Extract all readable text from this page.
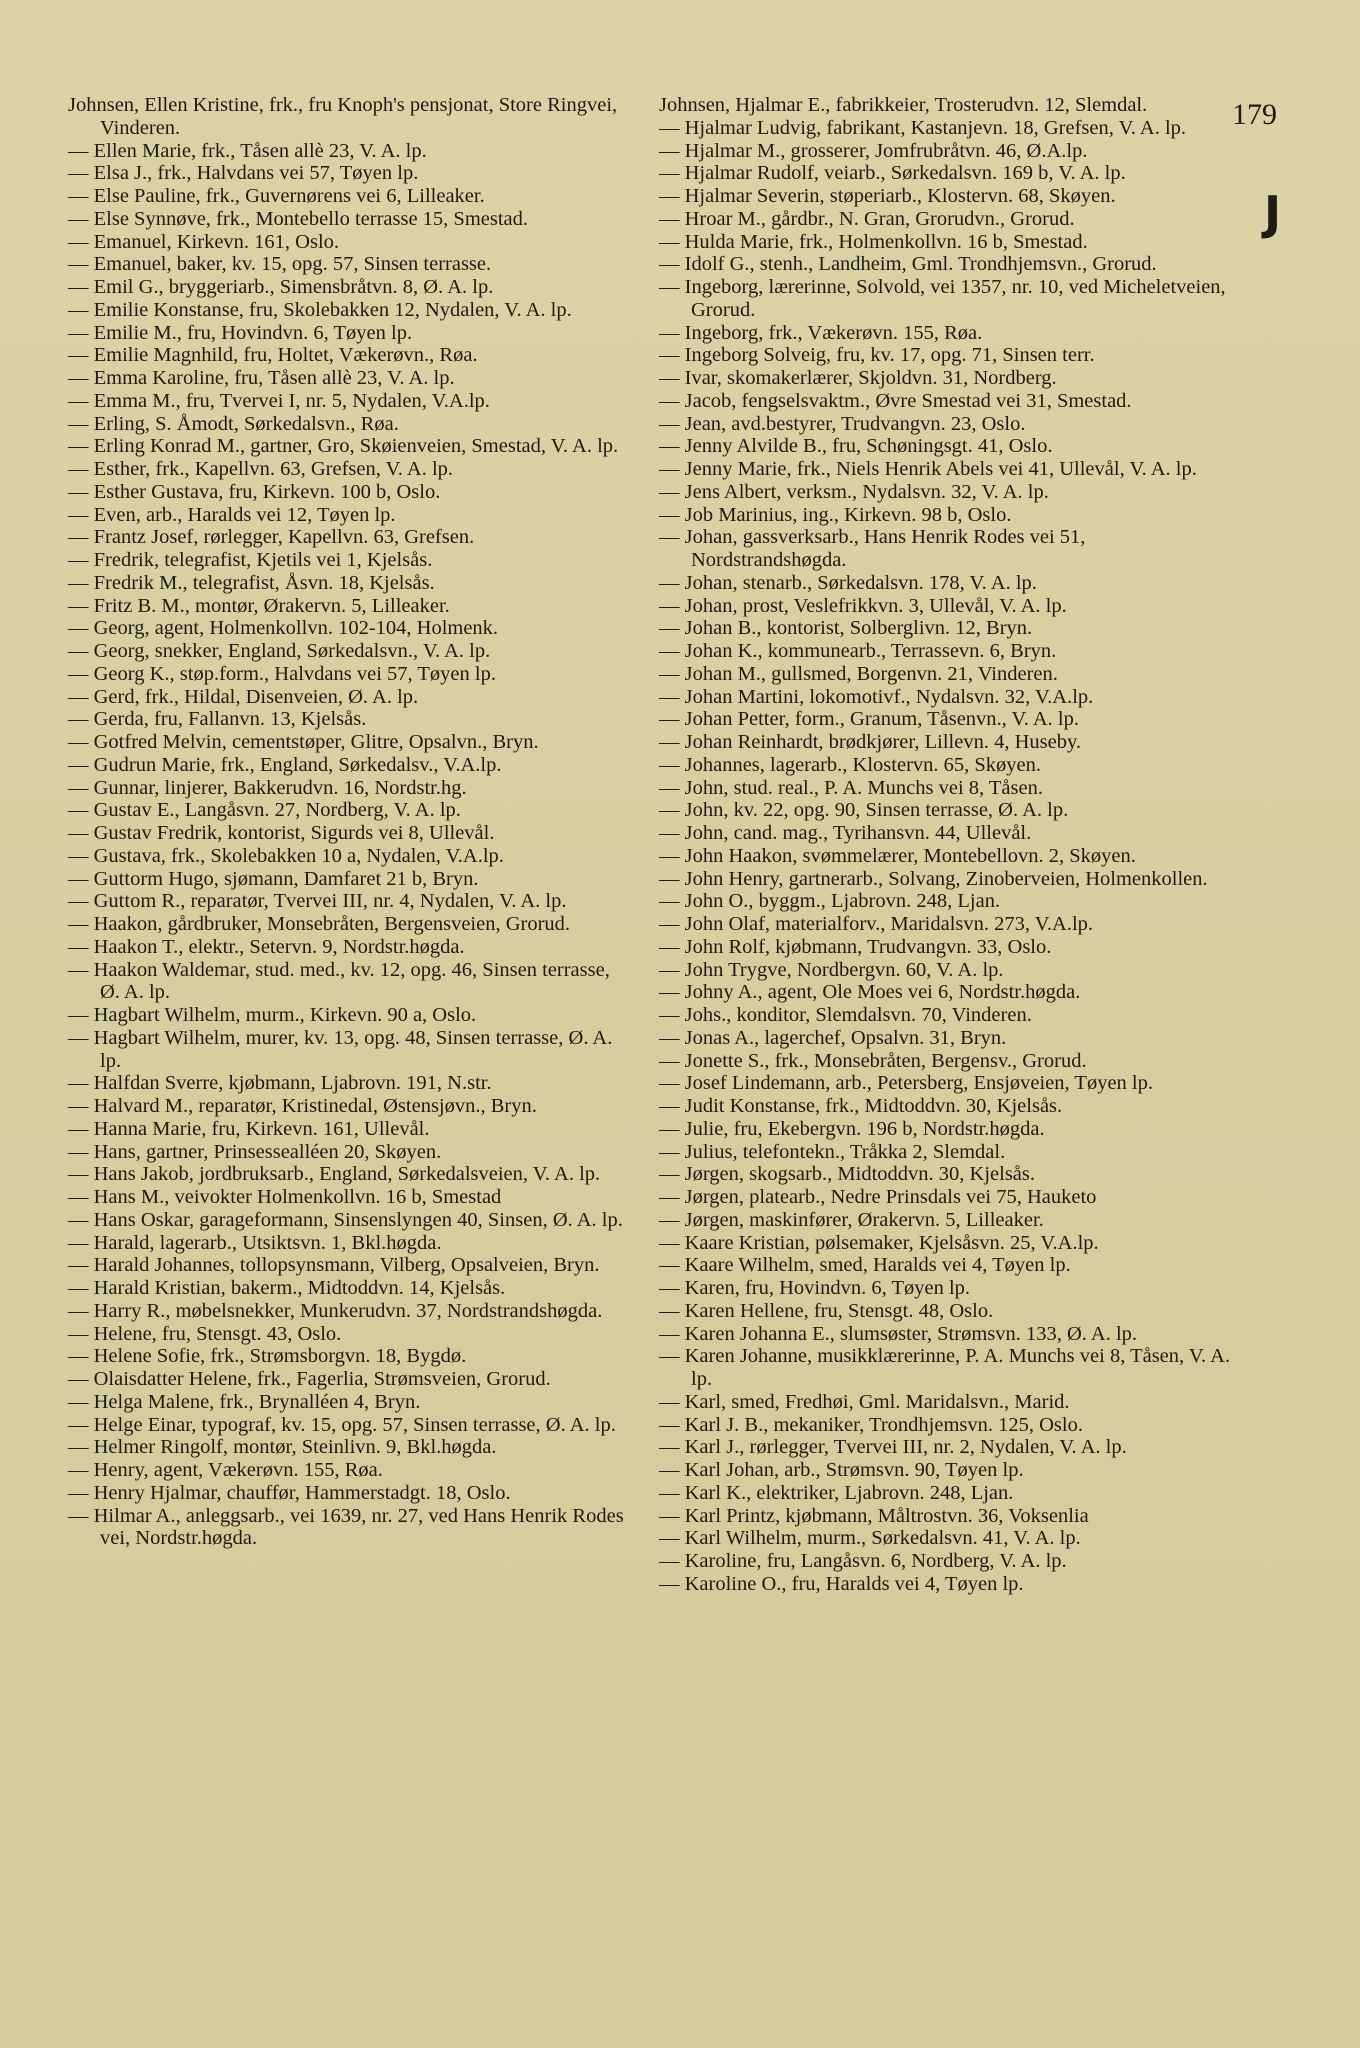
Johnsen, Ellen Kristine, frk., fru Knoph's pensjonat, Store Ringvei, Vinderen.
— Ellen Marie, frk., Tåsen allè 23, V. A. lp.
— Elsa J., frk., Halvdans vei 57, Tøyen lp.
— Else Pauline, frk., Guvernørens vei 6, Lilleaker.
— Else Synnøve, frk., Montebello terrasse 15, Smestad.
— Emanuel, Kirkevn. 161, Oslo.
— Emanuel, baker, kv. 15, opg. 57, Sinsen terrasse.
— Emil G., bryggeriarb., Simensbråtvn. 8, Ø. A. lp.
— Emilie Konstanse, fru, Skolebakken 12, Nydalen, V. A. lp.
— Emilie M., fru, Hovindvn. 6, Tøyen lp.
— Emilie Magnhild, fru, Holtet, Vækerøvn., Røa.
— Emma Karoline, fru, Tåsen allè 23, V. A. lp.
— Emma M., fru, Tvervei I, nr. 5, Nydalen, V.A.lp.
— Erling, S. Åmodt, Sørkedalsvn., Røa.
— Erling Konrad M., gartner, Gro, Skøienveien, Smestad, V. A. lp.
— Esther, frk., Kapellvn. 63, Grefsen, V. A. lp.
— Esther Gustava, fru, Kirkevn. 100 b, Oslo.
— Even, arb., Haralds vei 12, Tøyen lp.
— Frantz Josef, rørlegger, Kapellvn. 63, Grefsen.
— Fredrik, telegrafist, Kjetils vei 1, Kjelsås.
— Fredrik M., telegrafist, Åsvn. 18, Kjelsås.
— Fritz B. M., montør, Ørakervn. 5, Lilleaker.
— Georg, agent, Holmenkollvn. 102-104, Holmenk.
— Georg, snekker, England, Sørkedalsvn., V. A. lp.
— Georg K., støp.form., Halvdans vei 57, Tøyen lp.
— Gerd, frk., Hildal, Disenveien, Ø. A. lp.
— Gerda, fru, Fallanvn. 13, Kjelsås.
— Gotfred Melvin, cementstøper, Glitre, Opsalvn., Bryn.
— Gudrun Marie, frk., England, Sørkedalsv., V.A.lp.
— Gunnar, linjerer, Bakkerudvn. 16, Nordstr.hg.
— Gustav E., Langåsvn. 27, Nordberg, V. A. lp.
— Gustav Fredrik, kontorist, Sigurds vei 8, Ullevål.
— Gustava, frk., Skolebakken 10 a, Nydalen, V.A.lp.
— Guttorm Hugo, sjømann, Damfaret 21 b, Bryn.
— Guttom R., reparatør, Tvervei III, nr. 4, Nydalen, V. A. lp.
— Haakon, gårdbruker, Monsebråten, Bergensveien, Grorud.
— Haakon T., elektr., Setervn. 9, Nordstr.høgda.
— Haakon Waldemar, stud. med., kv. 12, opg. 46, Sinsen terrasse, Ø. A. lp.
— Hagbart Wilhelm, murm., Kirkevn. 90 a, Oslo.
— Hagbart Wilhelm, murer, kv. 13, opg. 48, Sinsen terrasse, Ø. A. lp.
— Halfdan Sverre, kjøbmann, Ljabrovn. 191, N.str.
— Halvard M., reparatør, Kristinedal, Østensjøvn., Bryn.
— Hanna Marie, fru, Kirkevn. 161, Ullevål.
— Hans, gartner, Prinsessealléen 20, Skøyen.
— Hans Jakob, jordbruksarb., England, Sørkedalsveien, V. A. lp.
— Hans M., veivokter Holmenkollvn. 16 b, Smestad
— Hans Oskar, garageformann, Sinsenslyngen 40, Sinsen, Ø. A. lp.
— Harald, lagerarb., Utsiktsvn. 1, Bkl.høgda.
— Harald Johannes, tollopsynsmann, Vilberg, Opsalveien, Bryn.
— Harald Kristian, bakerm., Midtoddvn. 14, Kjelsås.
— Harry R., møbelsnekker, Munkerudvn. 37, Nordstrandshøgda.
— Helene, fru, Stensgt. 43, Oslo.
— Helene Sofie, frk., Strømsborgvn. 18, Bygdø.
— Olaisdatter Helene, frk., Fagerlia, Strømsveien, Grorud.
— Helga Malene, frk., Brynalléen 4, Bryn.
— Helge Einar, typograf, kv. 15, opg. 57, Sinsen terrasse, Ø. A. lp.
— Helmer Ringolf, montør, Steinlivn. 9, Bkl.høgda.
— Henry, agent, Vækerøvn. 155, Røa.
— Henry Hjalmar, chauffør, Hammerstadgt. 18, Oslo.
— Hilmar A., anleggsarb., vei 1639, nr. 27, ved Hans Henrik Rodes vei, Nordstr.høgda.
Johnsen, Hjalmar E., fabrikkeier, Trosterudvn. 12, Slemdal.
— Hjalmar Ludvig, fabrikant, Kastanjevn. 18, Grefsen, V. A. lp.
— Hjalmar M., grosserer, Jomfrubråtvn. 46, Ø.A.lp.
— Hjalmar Rudolf, veiarb., Sørkedalsvn. 169 b, V. A. lp.
— Hjalmar Severin, støperiarb., Klostervn. 68, Skøyen.
— Hroar M., gårdbr., N. Gran, Grorudvn., Grorud.
— Hulda Marie, frk., Holmenkollvn. 16 b, Smestad.
— Idolf G., stenh., Landheim, Gml. Trondhjemsvn., Grorud.
— Ingeborg, lærerinne, Solvold, vei 1357, nr. 10, ved Micheletveien, Grorud.
— Ingeborg, frk., Vækerøvn. 155, Røa.
— Ingeborg Solveig, fru, kv. 17, opg. 71, Sinsen terr.
— Ivar, skomakerlærer, Skjoldvn. 31, Nordberg.
— Jacob, fengselsvaktm., Øvre Smestad vei 31, Smestad.
— Jean, avd.bestyrer, Trudvangvn. 23, Oslo.
— Jenny Alvilde B., fru, Schøningsgt. 41, Oslo.
— Jenny Marie, frk., Niels Henrik Abels vei 41, Ullevål, V. A. lp.
— Jens Albert, verksm., Nydalsvn. 32, V. A. lp.
— Job Marinius, ing., Kirkevn. 98 b, Oslo.
— Johan, gassverksarb., Hans Henrik Rodes vei 51, Nordstrandshøgda.
— Johan, stenarb., Sørkedalsvn. 178, V. A. lp.
— Johan, prost, Veslefrikkvn. 3, Ullevål, V. A. lp.
— Johan B., kontorist, Solberglivn. 12, Bryn.
— Johan K., kommunearb., Terrassevn. 6, Bryn.
— Johan M., gullsmed, Borgenvn. 21, Vinderen.
— Johan Martini, lokomotivf., Nydalsvn. 32, V.A.lp.
— Johan Petter, form., Granum, Tåsenvn., V. A. lp.
— Johan Reinhardt, brødkjører, Lillevn. 4, Huseby.
— Johannes, lagerarb., Klostervn. 65, Skøyen.
— John, stud. real., P. A. Munchs vei 8, Tåsen.
— John, kv. 22, opg. 90, Sinsen terrasse, Ø. A. lp.
— John, cand. mag., Tyrihansvn. 44, Ullevål.
— John Haakon, svømmelærer, Montebellovn. 2, Skøyen.
— John Henry, gartnerarb., Solvang, Zinoberveien, Holmenkollen.
— John O., byggm., Ljabrovn. 248, Ljan.
— John Olaf, materialforv., Maridalsvn. 273, V.A.lp.
— John Rolf, kjøbmann, Trudvangvn. 33, Oslo.
— John Trygve, Nordbergvn. 60, V. A. lp.
— Johny A., agent, Ole Moes vei 6, Nordstr.høgda.
— Johs., konditor, Slemdalsvn. 70, Vinderen.
— Jonas A., lagerchef, Opsalvn. 31, Bryn.
— Jonette S., frk., Monsebråten, Bergensv., Grorud.
— Josef Lindemann, arb., Petersberg, Ensjøveien, Tøyen lp.
— Judit Konstanse, frk., Midtoddvn. 30, Kjelsås.
— Julie, fru, Ekebergvn. 196 b, Nordstr.høgda.
— Julius, telefontekn., Tråkka 2, Slemdal.
— Jørgen, skogsarb., Midtoddvn. 30, Kjelsås.
— Jørgen, platearb., Nedre Prinsdals vei 75, Hauketo
— Jørgen, maskinfører, Ørakervn. 5, Lilleaker.
— Kaare Kristian, pølsemaker, Kjelsåsvn. 25, V.A.lp.
— Kaare Wilhelm, smed, Haralds vei 4, Tøyen lp.
— Karen, fru, Hovindvn. 6, Tøyen lp.
— Karen Hellene, fru, Stensgt. 48, Oslo.
— Karen Johanna E., slumsøster, Strømsvn. 133, Ø. A. lp.
— Karen Johanne, musikklærerinne, P. A. Munchs vei 8, Tåsen, V. A. lp.
— Karl, smed, Fredhøi, Gml. Maridalsvn., Marid.
— Karl J. B., mekaniker, Trondhjemsvn. 125, Oslo.
— Karl J., rørlegger, Tvervei III, nr. 2, Nydalen, V. A. lp.
— Karl Johan, arb., Strømsvn. 90, Tøyen lp.
— Karl K., elektriker, Ljabrovn. 248, Ljan.
— Karl Printz, kjøbmann, Måltrostvn. 36, Voksenlia
— Karl Wilhelm, murm., Sørkedalsvn. 41, V. A. lp.
— Karoline, fru, Langåsvn. 6, Nordberg, V. A. lp.
— Karoline O., fru, Haralds vei 4, Tøyen lp.
179
J
